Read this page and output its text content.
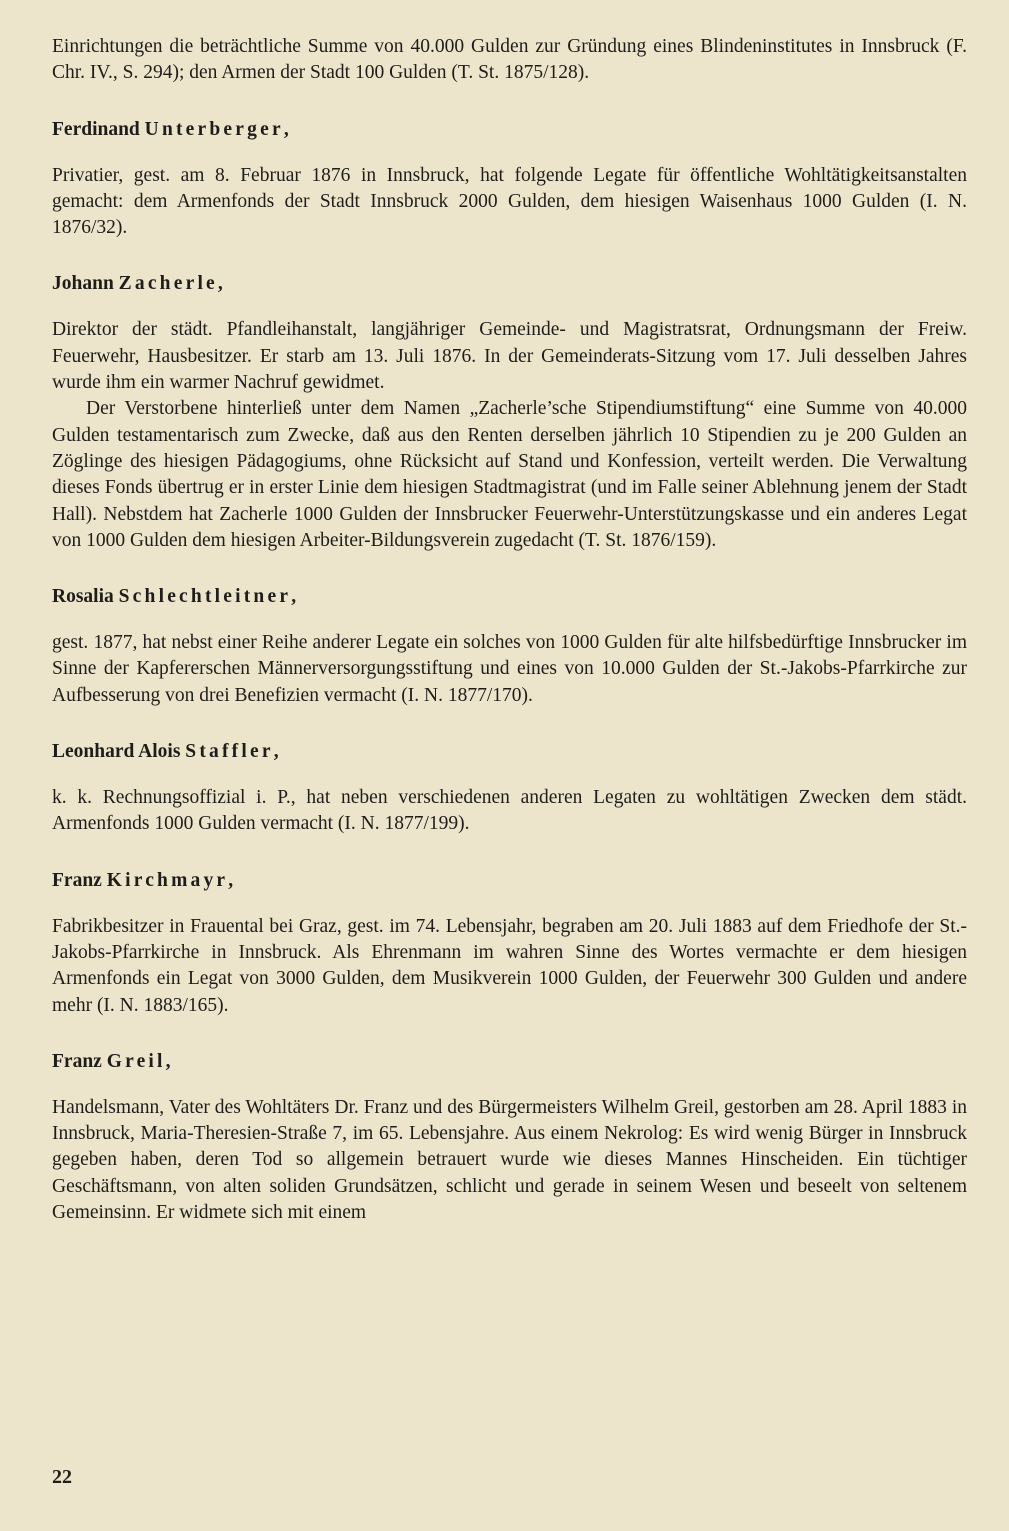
Einrichtungen die beträchtliche Summe von 40.000 Gulden zur Gründung eines Blindeninstitutes in Innsbruck (F. Chr. IV., S. 294); den Armen der Stadt 100 Gulden (T. St. 1875/128).

Ferdinand Unterberger,

Privatier, gest. am 8. Februar 1876 in Innsbruck, hat folgende Legate für öffentliche Wohltätigkeitsanstalten gemacht: dem Armenfonds der Stadt Innsbruck 2000 Gulden, dem hiesigen Waisenhaus 1000 Gulden (I. N. 1876/32).

Johann Zacherle,

Direktor der städt. Pfandleihanstalt, langjähriger Gemeinde- und Magistratsrat, Ordnungsmann der Freiw. Feuerwehr, Hausbesitzer. Er starb am 13. Juli 1876. In der Gemeinderats-Sitzung vom 17. Juli desselben Jahres wurde ihm ein warmer Nachruf gewidmet.

Der Verstorbene hinterließ unter dem Namen „Zacherle’sche Stipendiumstiftung“ eine Summe von 40.000 Gulden testamentarisch zum Zwecke, daß aus den Renten derselben jährlich 10 Stipendien zu je 200 Gulden an Zöglinge des hiesigen Pädagogiums, ohne Rücksicht auf Stand und Konfession, verteilt werden. Die Verwaltung dieses Fonds übertrug er in erster Linie dem hiesigen Stadtmagistrat (und im Falle seiner Ablehnung jenem der Stadt Hall). Nebstdem hat Zacherle 1000 Gulden der Innsbrucker Feuerwehr-Unterstützungskasse und ein anderes Legat von 1000 Gulden dem hiesigen Arbeiter-Bildungsverein zugedacht (T. St. 1876/159).

Rosalia Schlechtleitner,

gest. 1877, hat nebst einer Reihe anderer Legate ein solches von 1000 Gulden für alte hilfsbedürftige Innsbrucker im Sinne der Kapfererschen Männerversorgungsstiftung und eines von 10.000 Gulden der St.-Jakobs-Pfarrkirche zur Aufbesserung von drei Benefizien vermacht (I. N. 1877/170).

Leonhard Alois Staffler,

k. k. Rechnungsoffizial i. P., hat neben verschiedenen anderen Legaten zu wohltätigen Zwecken dem städt. Armenfonds 1000 Gulden vermacht (I. N. 1877/199).

Franz Kirchmayr,

Fabrikbesitzer in Frauental bei Graz, gest. im 74. Lebensjahr, begraben am 20. Juli 1883 auf dem Friedhofe der St.-Jakobs-Pfarrkirche in Innsbruck. Als Ehrenmann im wahren Sinne des Wortes vermachte er dem hiesigen Armenfonds ein Legat von 3000 Gulden, dem Musikverein 1000 Gulden, der Feuerwehr 300 Gulden und andere mehr (I. N. 1883/165).

Franz Greil,

Handelsmann, Vater des Wohltäters Dr. Franz und des Bürgermeisters Wilhelm Greil, gestorben am 28. April 1883 in Innsbruck, Maria-Theresien-Straße 7, im 65. Lebensjahre. Aus einem Nekrolog: Es wird wenig Bürger in Innsbruck gegeben haben, deren Tod so allgemein betrauert wurde wie dieses Mannes Hinscheiden. Ein tüchtiger Geschäftsmann, von alten soliden Grundsätzen, schlicht und gerade in seinem Wesen und beseelt von seltenem Gemeinsinn. Er widmete sich mit einem

22
